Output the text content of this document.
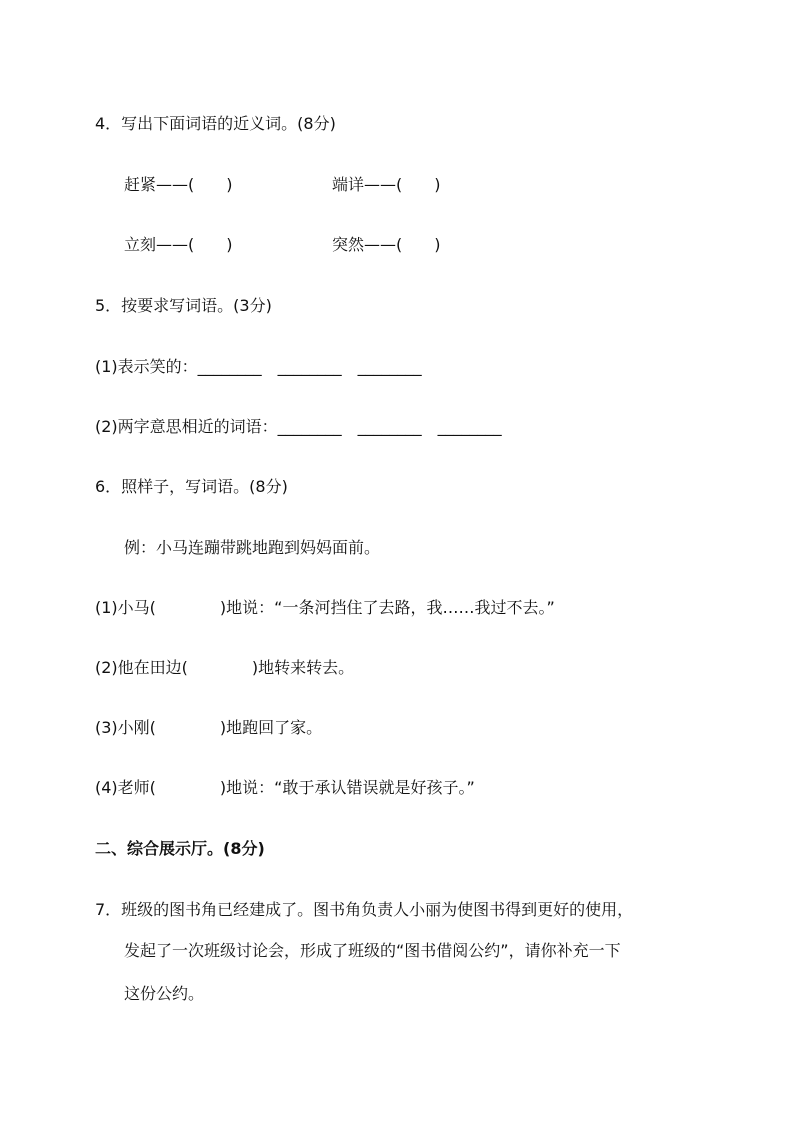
4．写出下面词语的近义词。(8分)
赶紧——(　　)	端详——(　　)
立刻——(　　)	突然——(　　)
5．按要求写词语。(3分)
(1)表示笑的：________　________　________
(2)两字意思相近的词语：________　________　________
6．照样子，写词语。(8分)
例：小马连蹦带跳地跑到妈妈面前。
(1)小马(　　　　)地说：“一条河挡住了去路，我……我过不去。”
(2)他在田边(　　　　)地转来转去。
(3)小刚(　　　　)地跑回了家。
(4)老师(　　　　)地说：“敢于承认错误就是好孩子。”
二、综合展示厅。(8分)
7．班级的图书角已经建成了。图书角负责人小丽为使图书得到更好的使用，
发起了一次班级讨论会，形成了班级的“图书借阅公约”，请你补充一下
这份公约。
